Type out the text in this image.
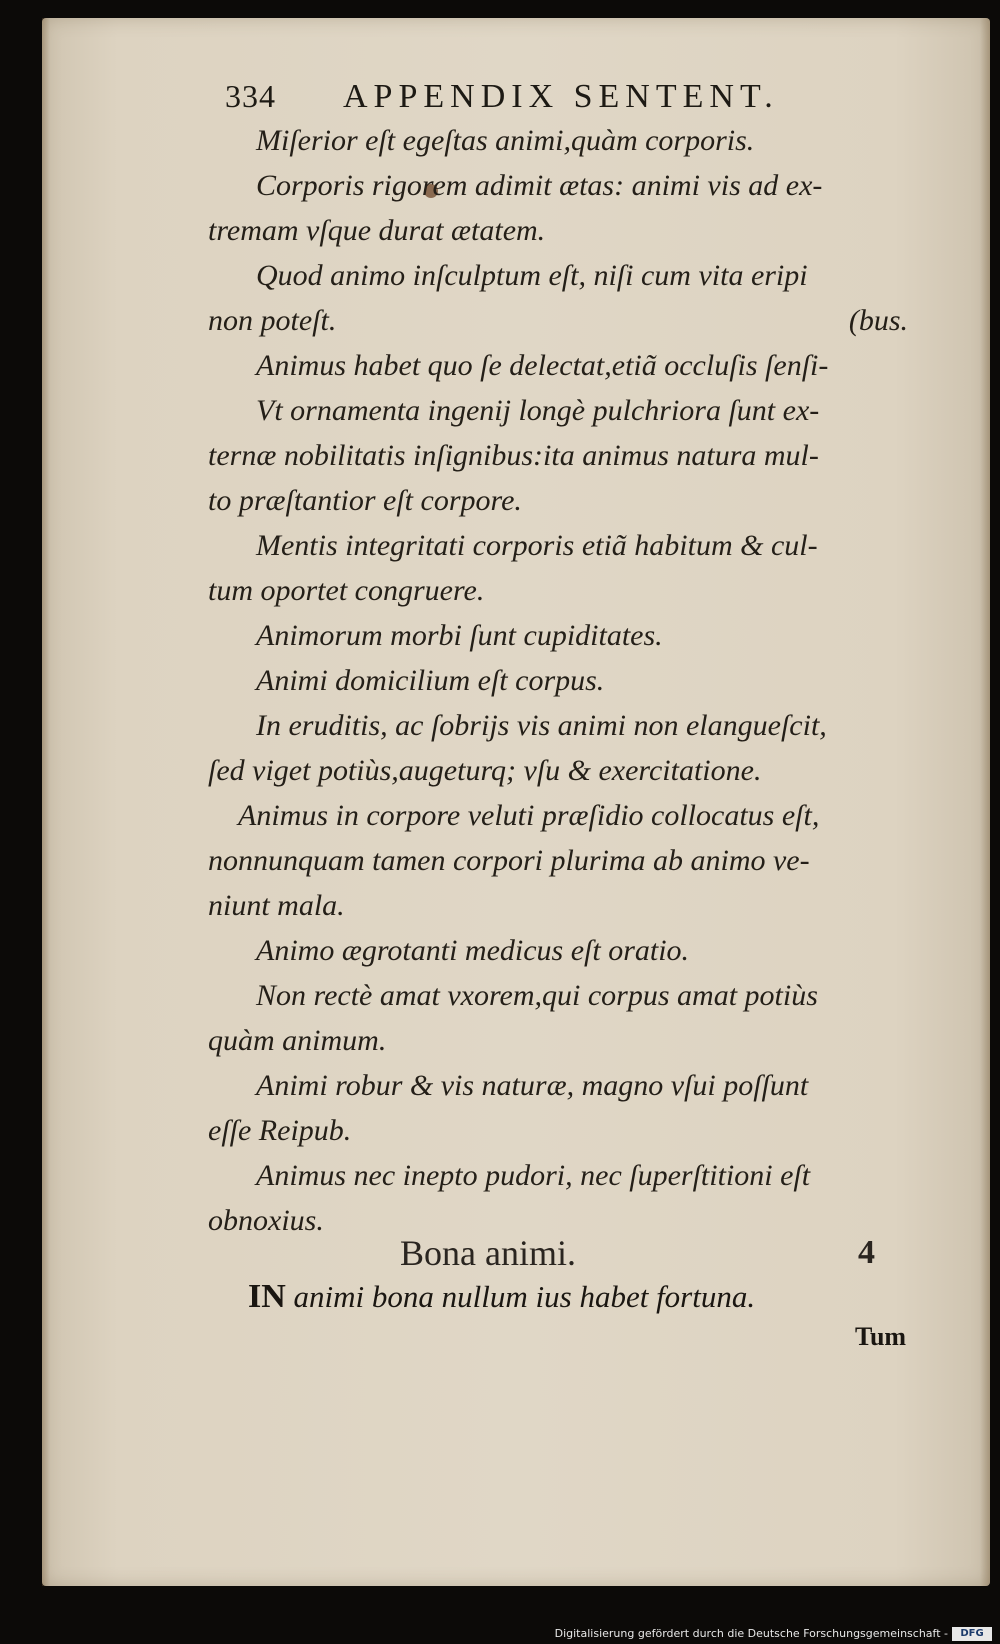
334 APPENDIX SENTENT.
Miſerior eſt egeſtas animi,quàm corporis.
Corporis rigorem adimit ætas: animi vis ad ex-
tremam vſque durat ætatem.
Quod animo inſculptum eſt, niſi cum vita eripi
non poteſt.	(bus.
Animus habet quo ſe delectat,etiã occluſis ſenſi-
Vt ornamenta ingenij longè pulchriora ſunt ex-
ternæ nobilitatis inſignibus:ita animus natura mul-
to præſtantior eſt corpore.
Mentis integritati corporis etiã habitum & cul-
tum oportet congruere.
Animorum morbi ſunt cupiditates.
Animi domicilium eſt corpus.
In eruditis, ac ſobrijs vis animi non elangueſcit,
ſed viget potiùs,augeturq; vſu & exercitatione.
Animus in corpore veluti præſidio collocatus eſt,
nonnunquam tamen corpori plurima ab animo ve-
niunt mala.
Animo ægrotanti medicus eſt oratio.
Non rectè amat vxorem,qui corpus amat potiùs
quàm animum.
Animi robur & vis naturæ, magno vſui poſſunt
eſſe Reipub.
Animus nec inepto pudori, nec ſuperſtitioni eſt
obnoxius.
Bona animi.	4
IN animi bona nullum ius habet fortuna.
Tum
Digitalisierung gefördert durch die Deutsche Forschungsgemeinschaft -	DFG
